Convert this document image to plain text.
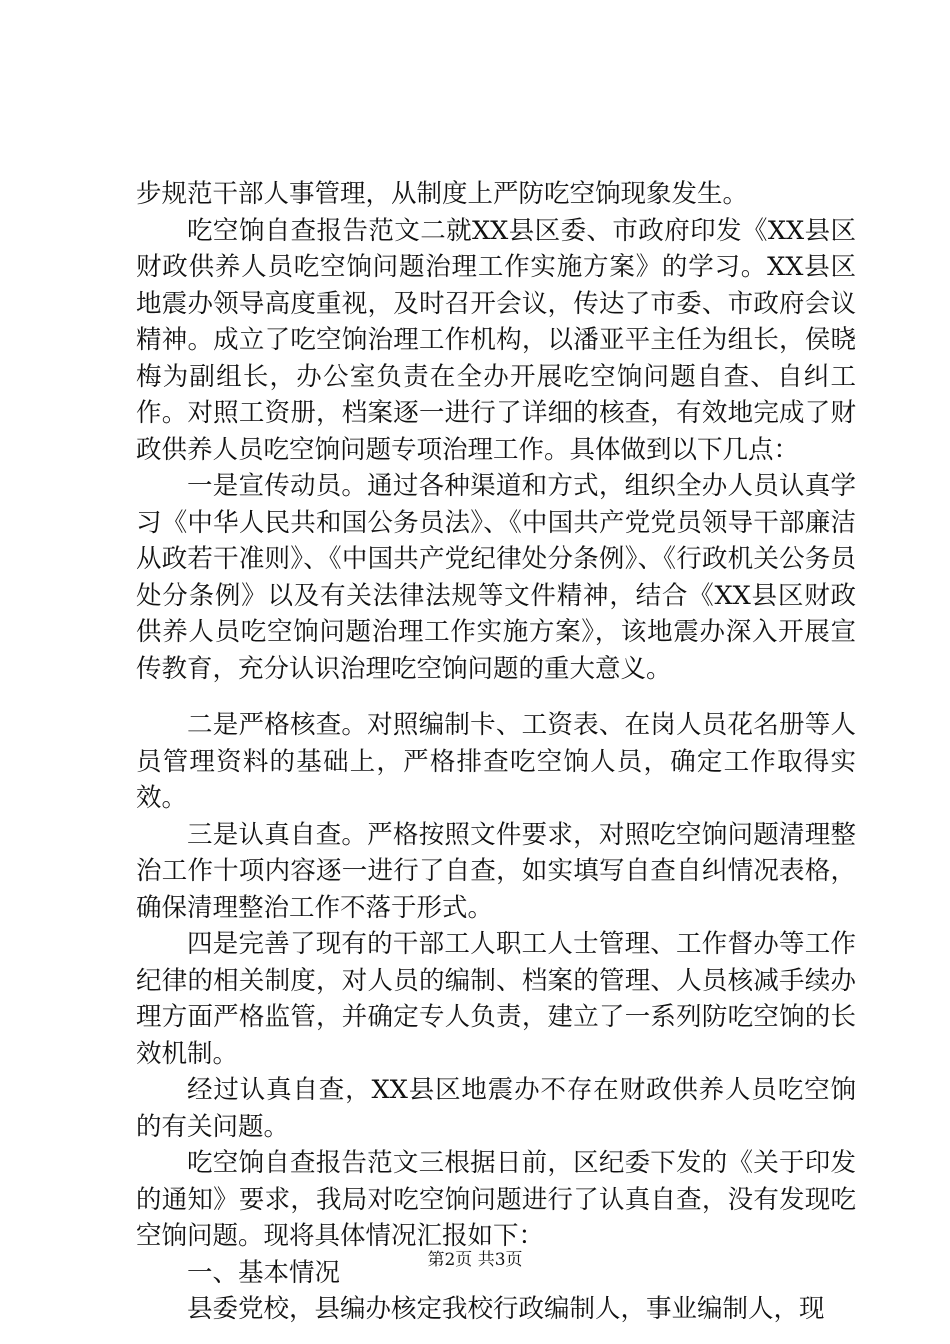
步规范干部人事管理，从制度上严防吃空饷现象发生。

吃空饷自查报告范文二就XX县区委、市政府印发《XX县区财政供养人员吃空饷问题治理工作实施方案》的学习。XX县区地震办领导高度重视，及时召开会议，传达了市委、市政府会议精神。成立了吃空饷治理工作机构，以潘亚平主任为组长，侯晓梅为副组长，办公室负责在全办开展吃空饷问题自查、自纠工作。对照工资册，档案逐一进行了详细的核查，有效地完成了财政供养人员吃空饷问题专项治理工作。具体做到以下几点：

一是宣传动员。通过各种渠道和方式，组织全办人员认真学习《中华人民共和国公务员法》、《中国共产党党员领导干部廉洁从政若干准则》、《中国共产党纪律处分条例》、《行政机关公务员处分条例》以及有关法律法规等文件精神，结合《XX县区财政供养人员吃空饷问题治理工作实施方案》，该地震办深入开展宣传教育，充分认识治理吃空饷问题的重大意义。

二是严格核查。对照编制卡、工资表、在岗人员花名册等人员管理资料的基础上，严格排查吃空饷人员，确定工作取得实效。

三是认真自查。严格按照文件要求，对照吃空饷问题清理整治工作十项内容逐一进行了自查，如实填写自查自纠情况表格，确保清理整治工作不落于形式。

四是完善了现有的干部工人职工人士管理、工作督办等工作纪律的相关制度，对人员的编制、档案的管理、人员核减手续办理方面严格监管，并确定专人负责，建立了一系列防吃空饷的长效机制。

经过认真自查，XX县区地震办不存在财政供养人员吃空饷的有关问题。

吃空饷自查报告范文三根据日前，区纪委下发的《关于印发的通知》要求，我局对吃空饷问题进行了认真自查，没有发现吃空饷问题。现将具体情况汇报如下：

一、基本情况

县委党校，县编办核定我校行政编制人，事业编制人，现

第2页 共3页
